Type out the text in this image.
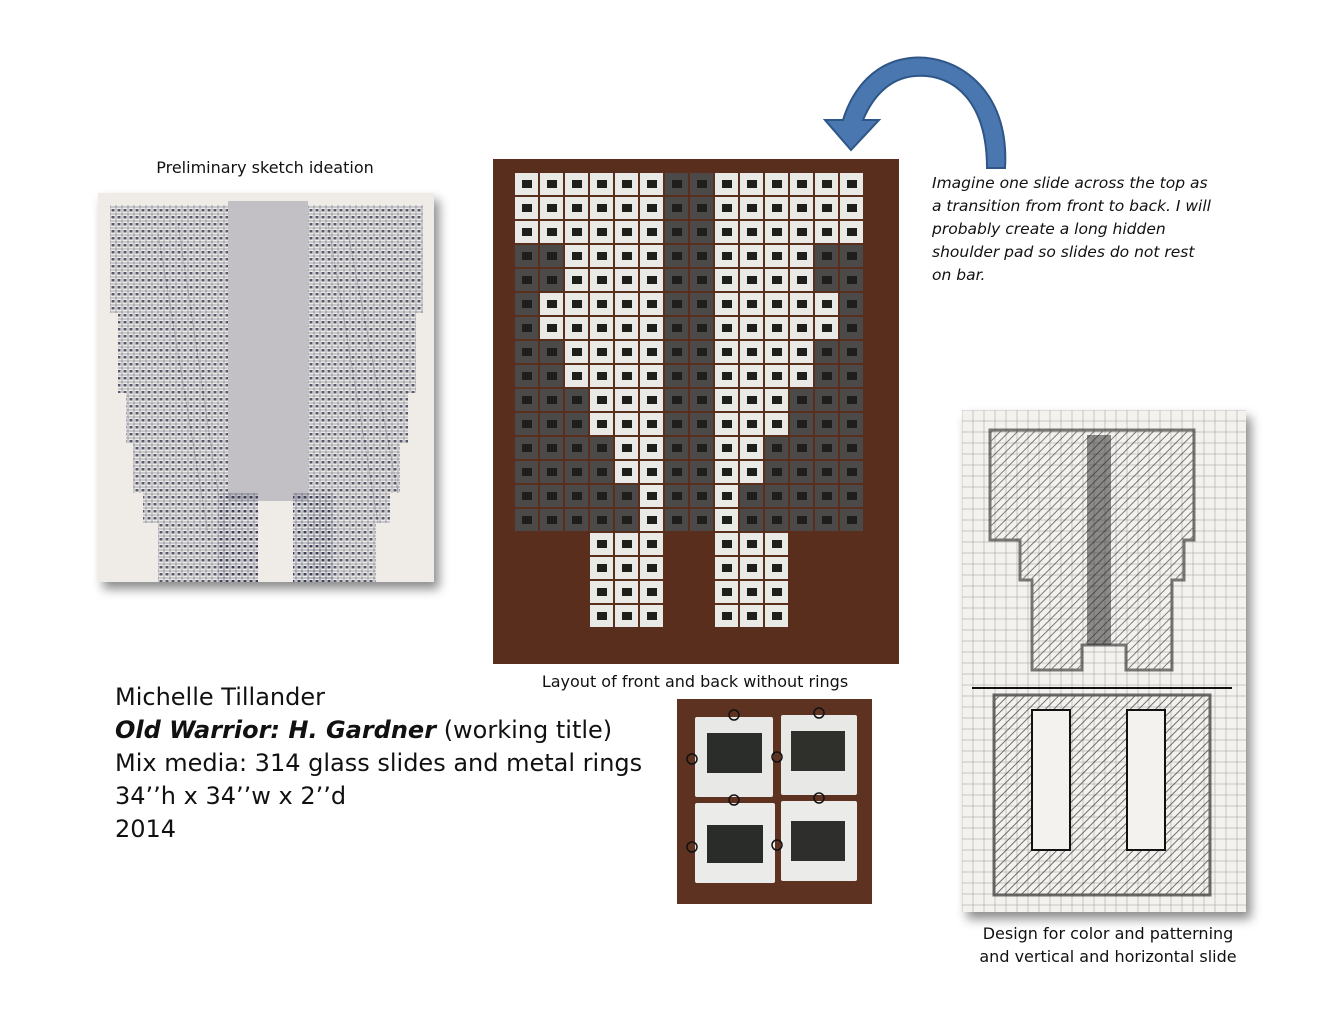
Preliminary sketch ideation
Layout of front and back without rings
Design for color and patterning
and vertical and horizontal slide
Imagine one slide across the top as a transition from front to back. I will probably create a long hidden shoulder pad so slides do not rest on bar.
Michelle Tillander
Old Warrior: H. Gardner (working title)
Mix media: 314 glass slides and metal rings
34’’h x 34’’w x 2’’d
2014
